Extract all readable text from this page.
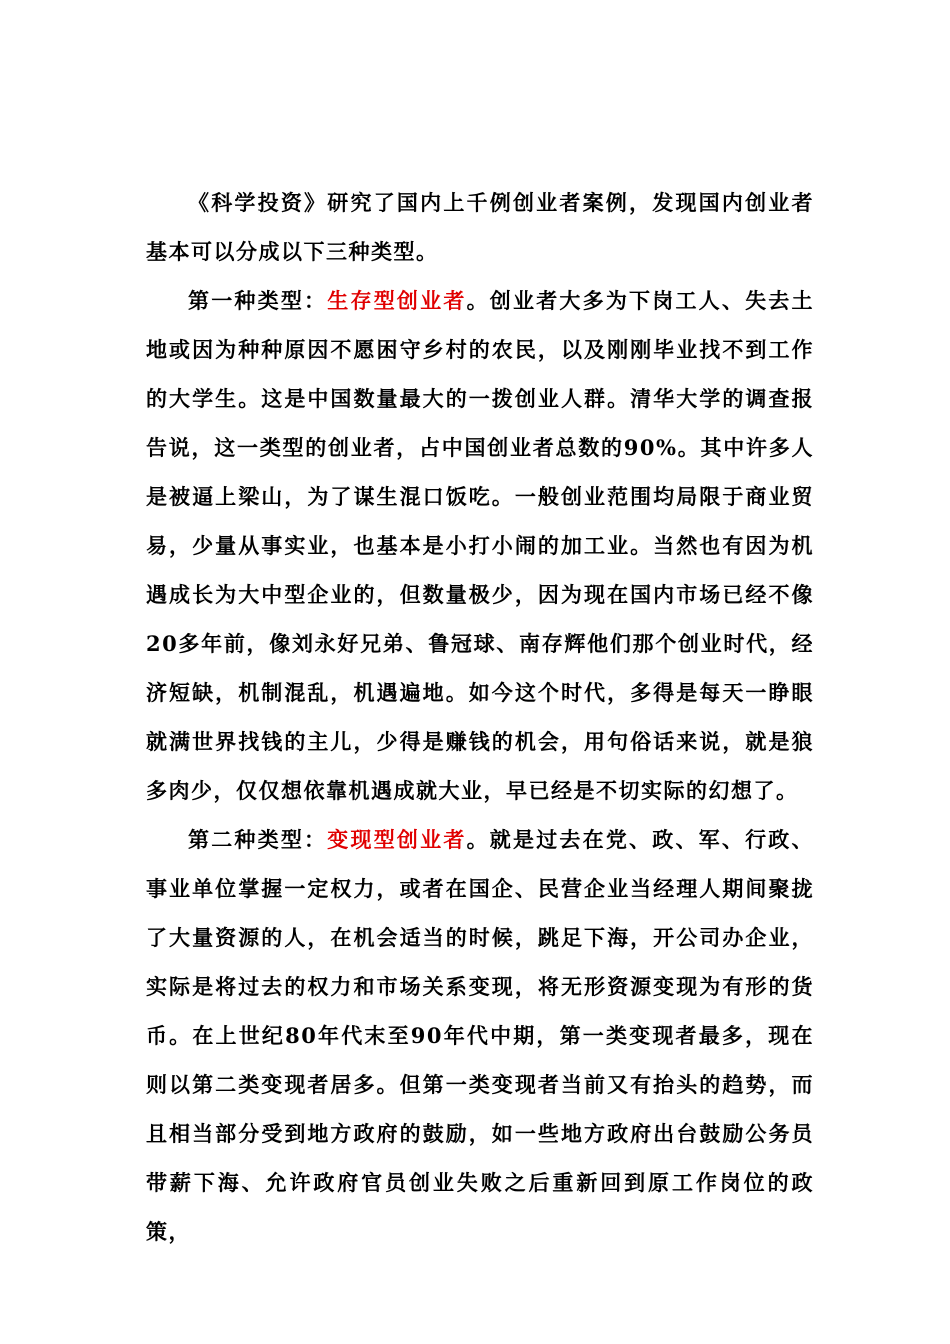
《科学投资》研究了国内上千例创业者案例，发现国内创业者基本可以分成以下三种类型。

第一种类型：生存型创业者。创业者大多为下岗工人、失去土地或因为种种原因不愿困守乡村的农民，以及刚刚毕业找不到工作的大学生。这是中国数量最大的一拨创业人群。清华大学的调查报告说，这一类型的创业者，占中国创业者总数的90%。其中许多人是被逼上梁山，为了谋生混口饭吃。一般创业范围均局限于商业贸易，少量从事实业，也基本是小打小闹的加工业。当然也有因为机遇成长为大中型企业的，但数量极少，因为现在国内市场已经不像20多年前，像刘永好兄弟、鲁冠球、南存辉他们那个创业时代，经济短缺，机制混乱，机遇遍地。如今这个时代，多得是每天一睁眼就满世界找钱的主儿，少得是赚钱的机会，用句俗话来说，就是狼多肉少，仅仅想依靠机遇成就大业，早已经是不切实际的幻想了。

第二种类型：变现型创业者。就是过去在党、政、军、行政、事业单位掌握一定权力，或者在国企、民营企业当经理人期间聚拢了大量资源的人，在机会适当的时候，跳足下海，开公司办企业，实际是将过去的权力和市场关系变现，将无形资源变现为有形的货币。在上世纪80年代末至90年代中期，第一类变现者最多，现在则以第二类变现者居多。但第一类变现者当前又有抬头的趋势，而且相当部分受到地方政府的鼓励，如一些地方政府出台鼓励公务员带薪下海、允许政府官员创业失败之后重新回到原工作岗位的政策，
